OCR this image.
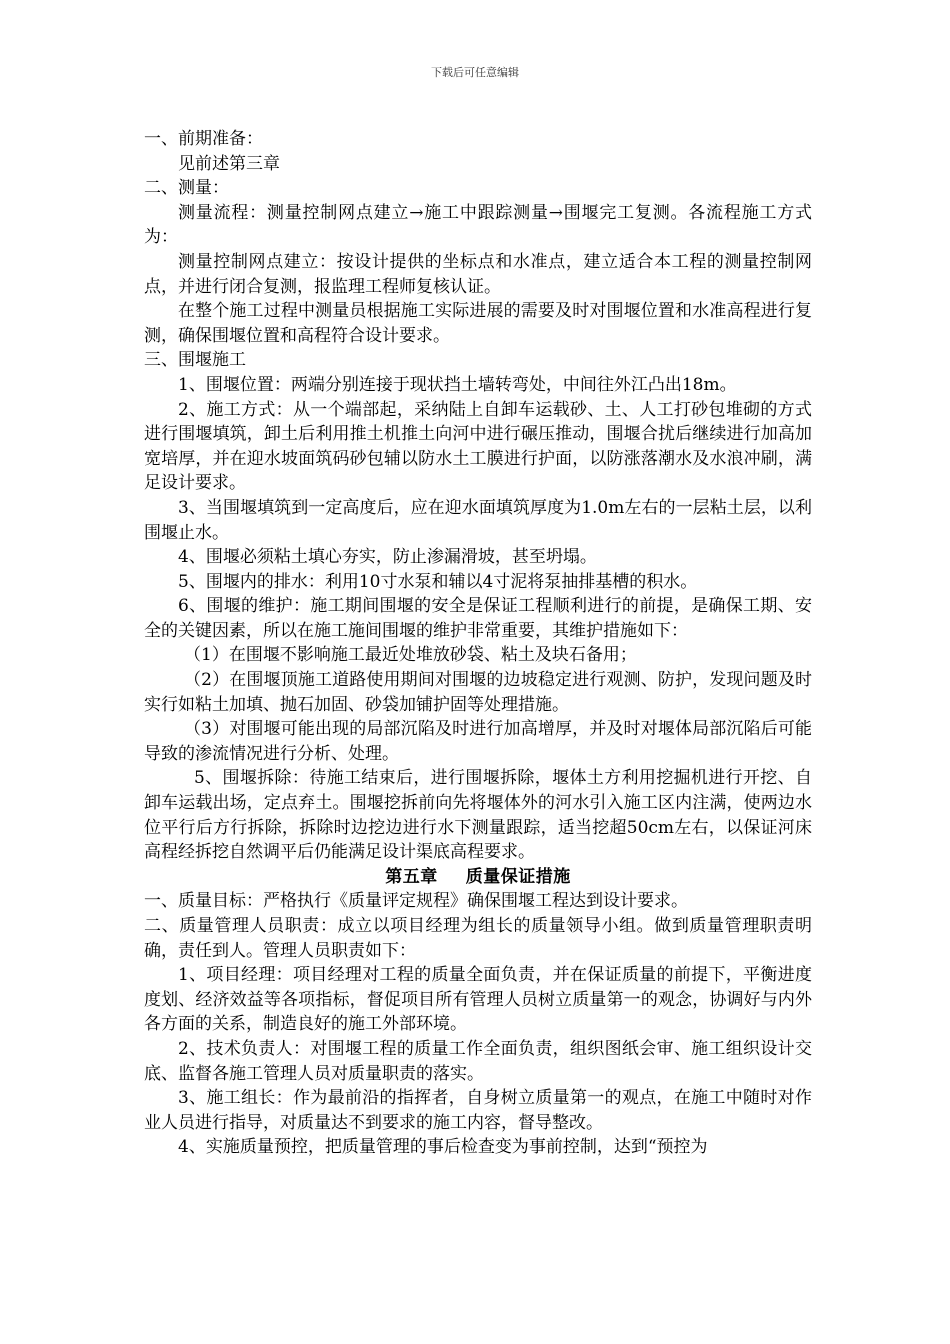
下载后可任意编辑

一、前期准备：

见前述第三章

二、测量：

测量流程：测量控制网点建立→施工中跟踪测量→围堰完工复测。各流程施工方式为：

测量控制网点建立：按设计提供的坐标点和水准点，建立适合本工程的测量控制网点，并进行闭合复测，报监理工程师复核认证。

在整个施工过程中测量员根据施工实际进展的需要及时对围堰位置和水准高程进行复测，确保围堰位置和高程符合设计要求。

三、围堰施工

1、围堰位置：两端分别连接于现状挡土墙转弯处，中间往外江凸出18m。

2、施工方式：从一个端部起，采纳陆上自卸车运载砂、土、人工打砂包堆砌的方式进行围堰填筑，卸土后利用推土机推土向河中进行碾压推动，围堰合扰后继续进行加高加宽培厚，并在迎水坡面筑码砂包辅以防水土工膜进行护面，以防涨落潮水及水浪冲刷，满足设计要求。

3、当围堰填筑到一定高度后，应在迎水面填筑厚度为1.0m左右的一层粘土层，以利围堰止水。

4、围堰必须粘土填心夯实，防止渗漏滑坡，甚至坍塌。

5、围堰内的排水：利用10寸水泵和辅以4寸泥将泵抽排基槽的积水。

6、围堰的维护：施工期间围堰的安全是保证工程顺利进行的前提，是确保工期、安全的关键因素，所以在施工施间围堰的维护非常重要，其维护措施如下：

（1）在围堰不影响施工最近处堆放砂袋、粘土及块石备用；

（2）在围堰顶施工道路使用期间对围堰的边坡稳定进行观测、防护，发现问题及时实行如粘土加填、抛石加固、砂袋加铺护固等处理措施。

（3）对围堰可能出现的局部沉陷及时进行加高增厚，并及时对堰体局部沉陷后可能导致的渗流情况进行分析、处理。

5、围堰拆除：待施工结束后，进行围堰拆除，堰体土方利用挖掘机进行开挖、自卸车运载出场，定点弃土。围堰挖拆前向先将堰体外的河水引入施工区内注满，使两边水位平行后方行拆除，拆除时边挖边进行水下测量跟踪，适当挖超50cm左右，以保证河床高程经拆挖自然调平后仍能满足设计渠底高程要求。

第五章 质量保证措施

一、质量目标：严格执行《质量评定规程》确保围堰工程达到设计要求。

二、质量管理人员职责：成立以项目经理为组长的质量领导小组。做到质量管理职责明确，责任到人。管理人员职责如下：

1、项目经理：项目经理对工程的质量全面负责，并在保证质量的前提下，平衡进度度划、经济效益等各项指标，督促项目所有管理人员树立质量第一的观念，协调好与内外各方面的关系，制造良好的施工外部环境。

2、技术负责人：对围堰工程的质量工作全面负责，组织图纸会审、施工组织设计交底、监督各施工管理人员对质量职责的落实。

3、施工组长：作为最前沿的指挥者，自身树立质量第一的观点，在施工中随时对作业人员进行指导，对质量达不到要求的施工内容，督导整改。

4、实施质量预控，把质量管理的事后检查变为事前控制，达到“预控为
